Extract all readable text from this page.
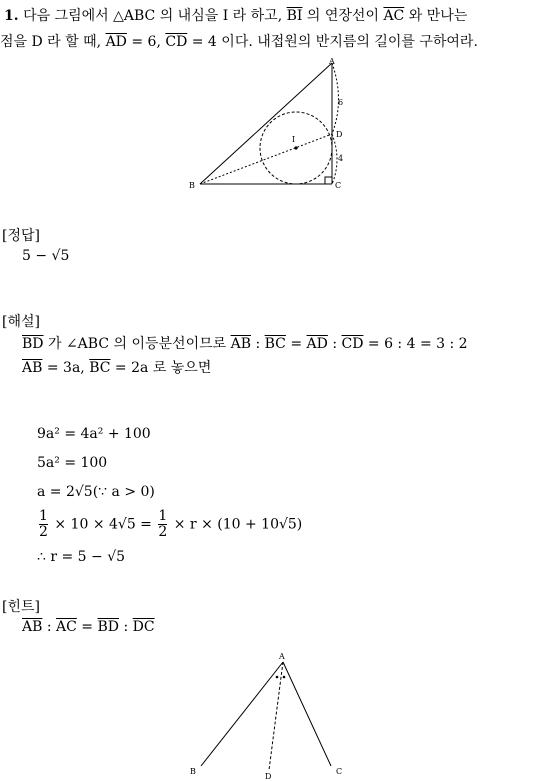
1. 다음 그림에서 △ABC 의 내심을 I 라 하고, $\overline{BI}$ 의 연장선이 $\overline{AC}$ 와 만나는
점을 D 라 할 때, $\overline{AD} = 6$, $\overline{CD} = 4$ 이다. 내접원의 반지름의 길이를 구하여라.
A
B	C
D
I
6
4
[정답]
5 − √5
[해설]
$\overline{BD}$ 가 ∠ABC 의 이등분선이므로 $\overline{AB}$ : $\overline{BC} = \overline{AD}$ : $\overline{CD} = 6$ : 4 = 3 : 2
$\overline{AB} = 3a$, $\overline{BC} = 2a$ 로 놓으면
9a² = 4a² + 100
5a² = 100
a = 2√5(∵ a > 0)
$\frac{1}{2} \times 10 \times 4√5 = \frac{1}{2} \times r \times (10 + 10√5)$
∴ r = 5 − √5
[힌트]
$\overline{AB}$ : $\overline{AC} = \overline{BD}$ : $\overline{DC}$
A
B	C
D
